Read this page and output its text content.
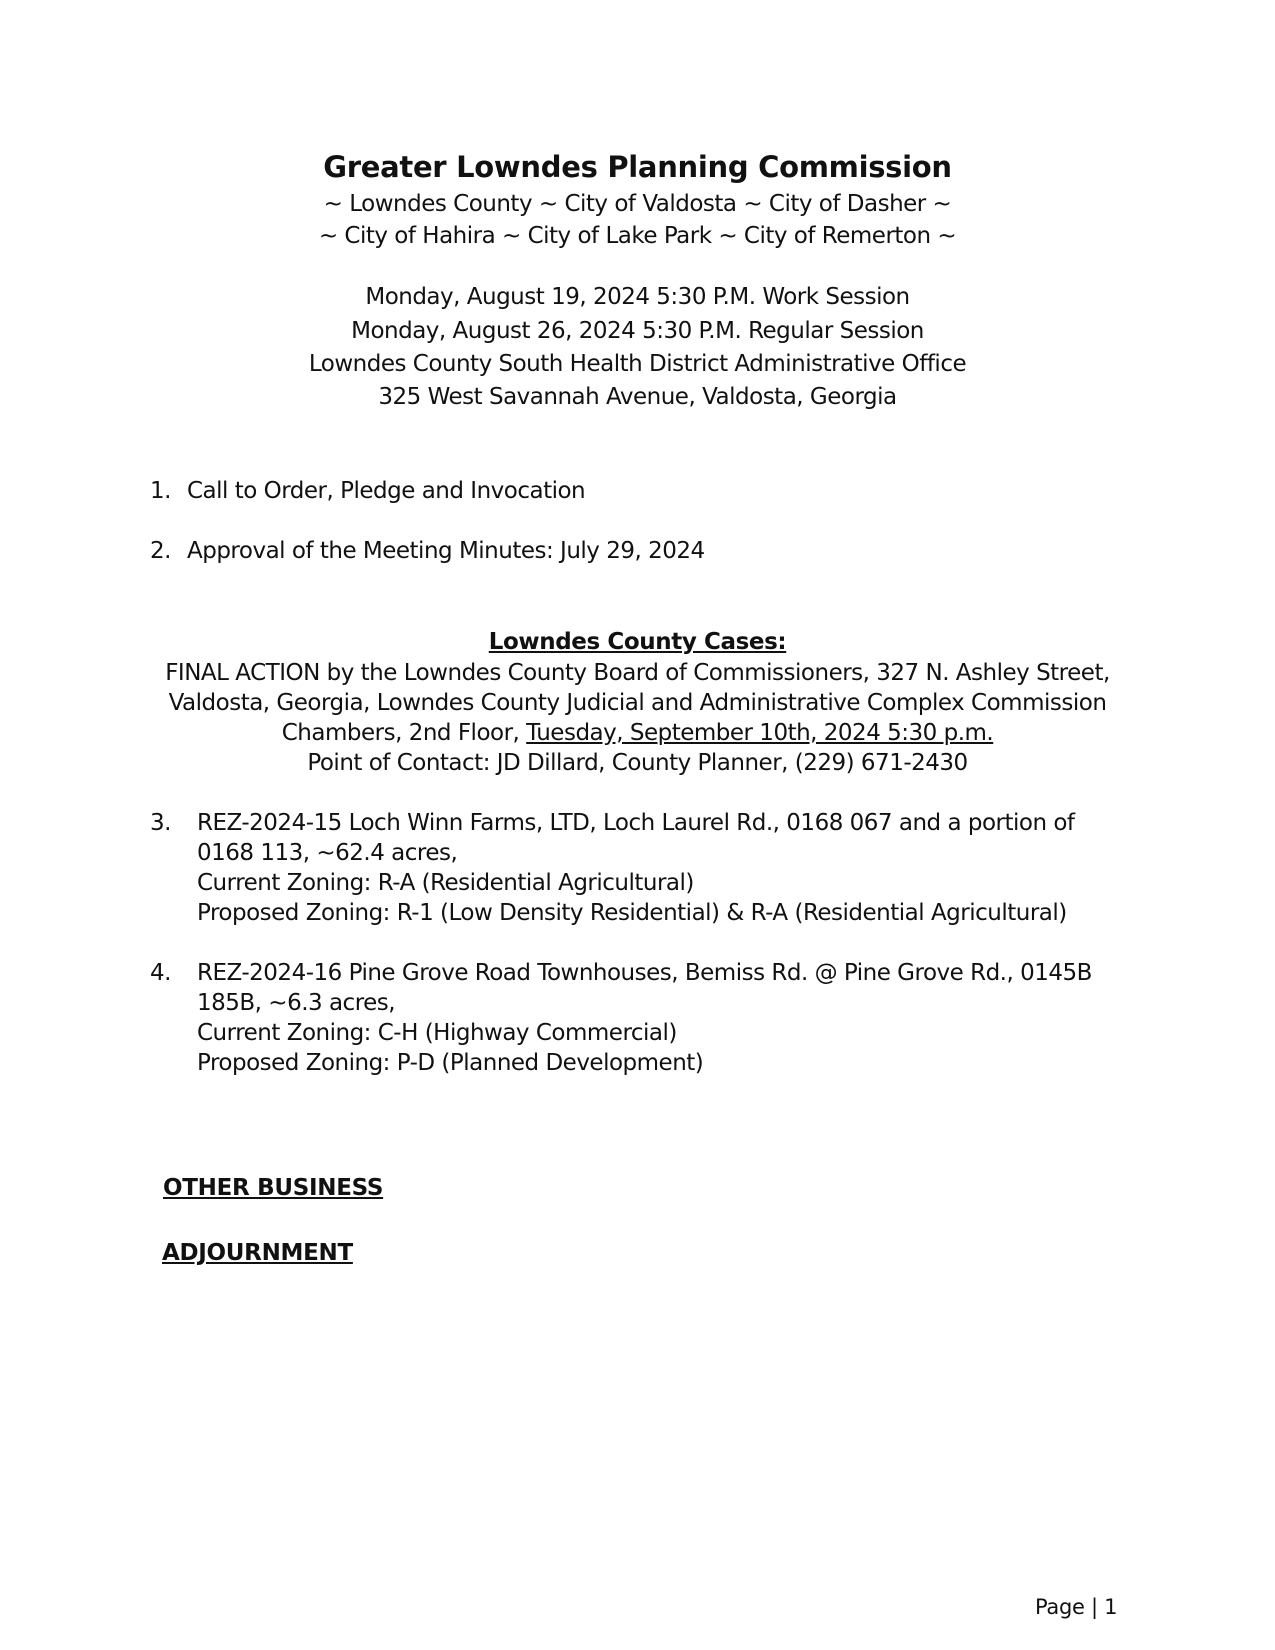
Greater Lowndes Planning Commission
~ Lowndes County ~ City of Valdosta ~ City of Dasher ~
~ City of Hahira ~ City of Lake Park ~ City of Remerton ~
Monday, August 19, 2024 5:30 P.M. Work Session
Monday, August 26, 2024 5:30 P.M. Regular Session
Lowndes County South Health District Administrative Office
325 West Savannah Avenue, Valdosta, Georgia
1. Call to Order, Pledge and Invocation
2. Approval of the Meeting Minutes: July 29, 2024
Lowndes County Cases:
FINAL ACTION by the Lowndes County Board of Commissioners, 327 N. Ashley Street,
Valdosta, Georgia, Lowndes County Judicial and Administrative Complex Commission
Chambers, 2nd Floor, Tuesday, September 10th, 2024 5:30 p.m.
Point of Contact: JD Dillard, County Planner, (229) 671-2430
3. REZ-2024-15 Loch Winn Farms, LTD, Loch Laurel Rd., 0168 067 and a portion of
0168 113, ~62.4 acres,
Current Zoning: R-A (Residential Agricultural)
Proposed Zoning: R-1 (Low Density Residential) & R-A (Residential Agricultural)
4. REZ-2024-16 Pine Grove Road Townhouses, Bemiss Rd. @ Pine Grove Rd., 0145B
185B, ~6.3 acres,
Current Zoning: C-H (Highway Commercial)
Proposed Zoning: P-D (Planned Development)
OTHER BUSINESS
ADJOURNMENT
Page | 1
